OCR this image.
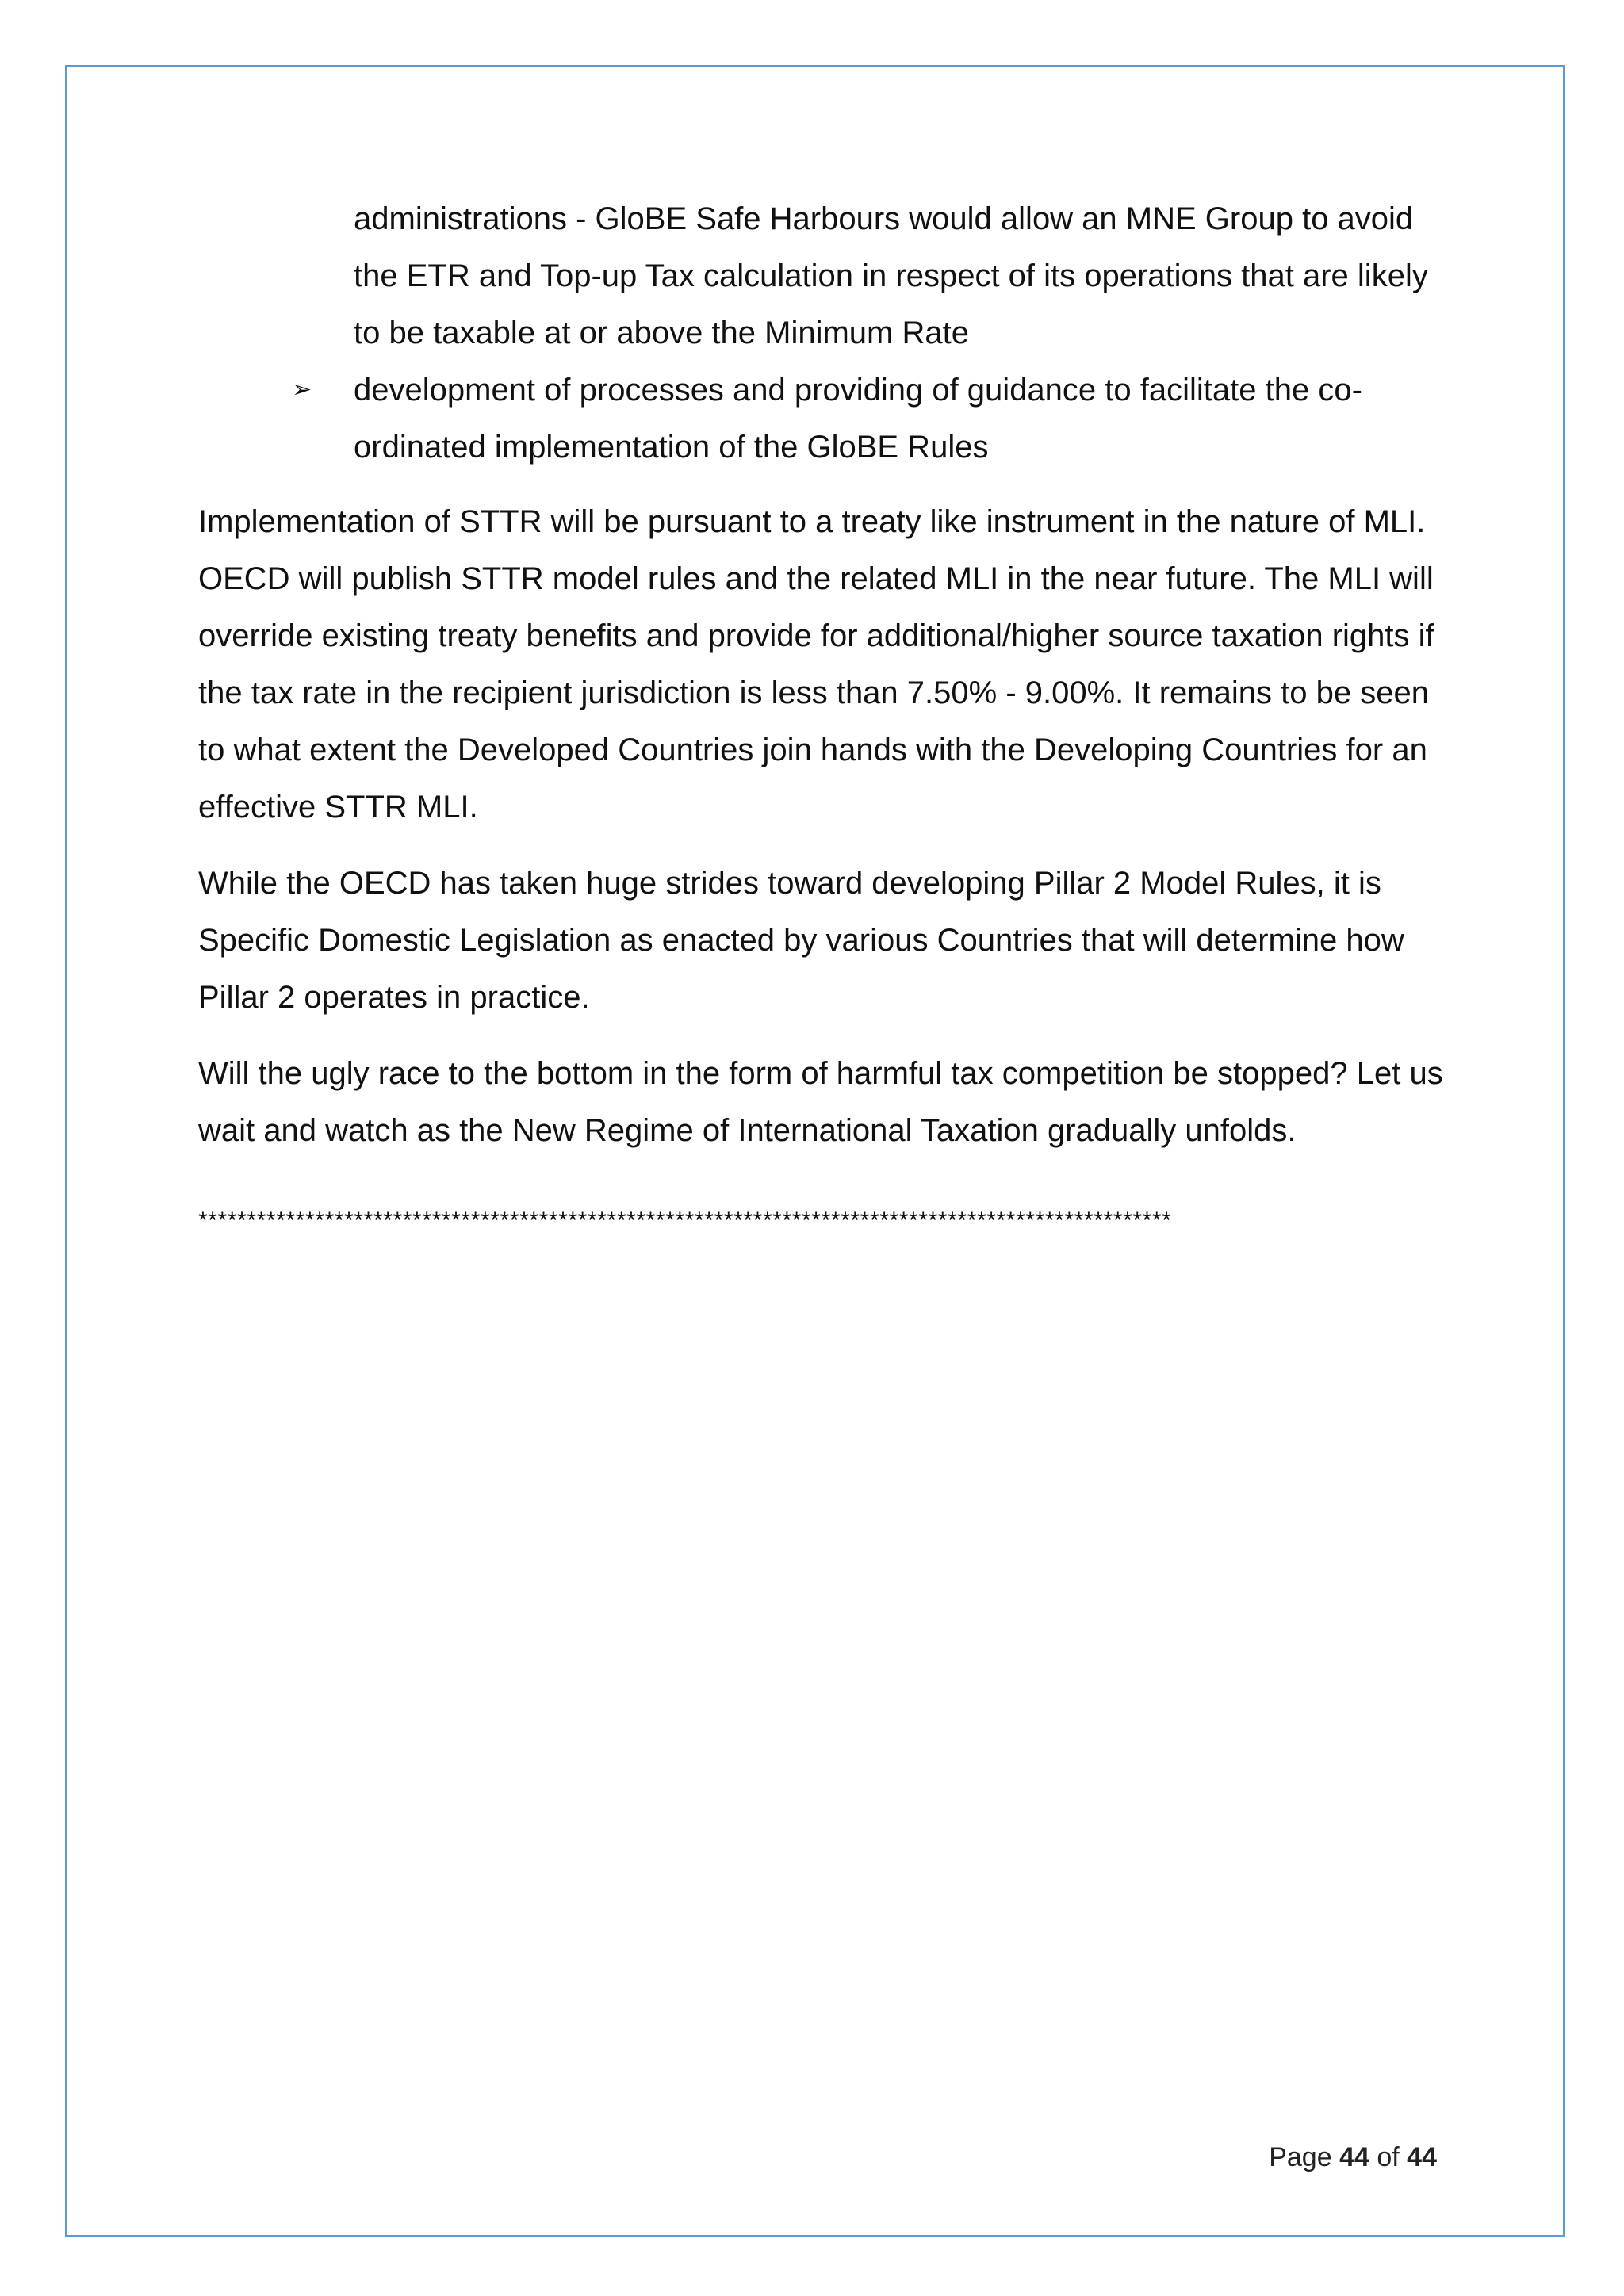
administrations - GloBE Safe Harbours would allow an MNE Group to avoid the ETR and Top-up Tax calculation in respect of its operations that are likely to be taxable at or above the Minimum Rate

➢ development of processes and providing of guidance to facilitate the co-ordinated implementation of the GloBE Rules

Implementation of STTR will be pursuant to a treaty like instrument in the nature of MLI. OECD will publish STTR model rules and the related MLI in the near future. The MLI will override existing treaty benefits and provide for additional/higher source taxation rights if the tax rate in the recipient jurisdiction is less than 7.50% - 9.00%. It remains to be seen to what extent the Developed Countries join hands with the Developing Countries for an effective STTR MLI.

While the OECD has taken huge strides toward developing Pillar 2 Model Rules, it is Specific Domestic Legislation as enacted by various Countries that will determine how Pillar 2 operates in practice.

Will the ugly race to the bottom in the form of harmful tax competition be stopped? Let us wait and watch as the New Regime of International Taxation gradually unfolds.

****************************************************************************************************
Page 44 of 44
